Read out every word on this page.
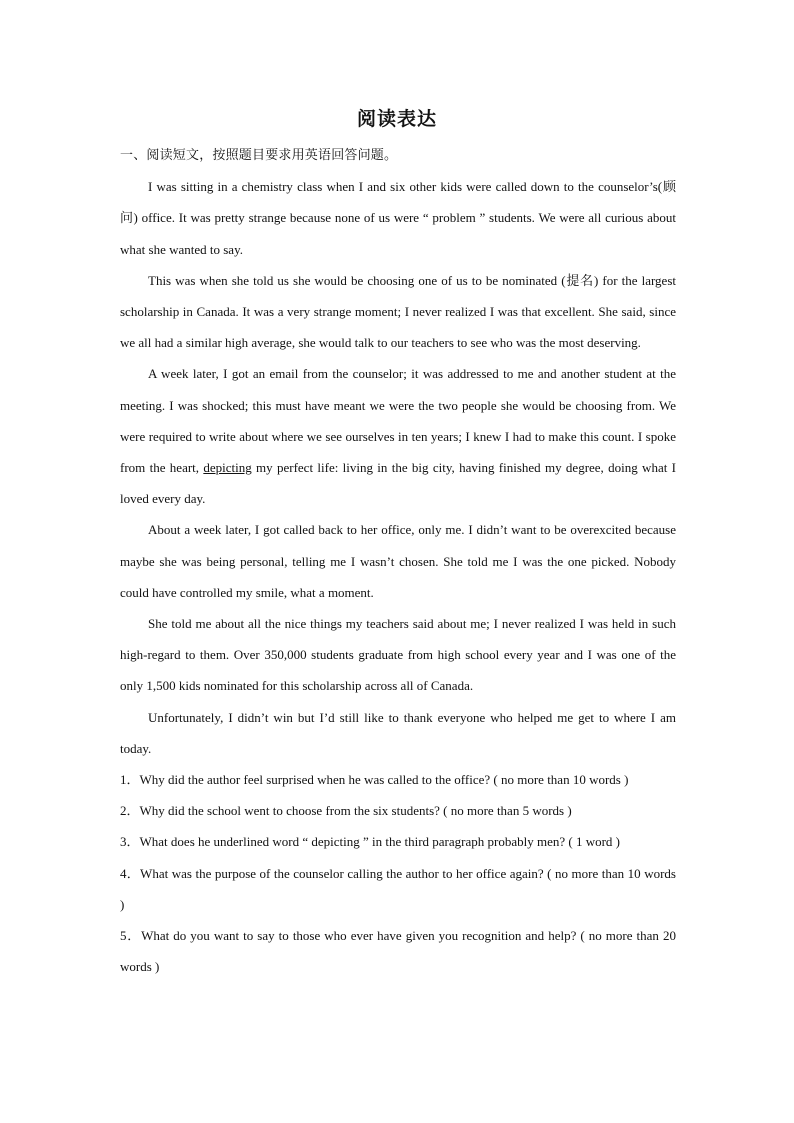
阅读表达

一、阅读短文，按照题目要求用英语回答问题。

I was sitting in a chemistry class when I and six other kids were called down to the counselor’s(顾问) office. It was pretty strange because none of us were “ problem ” students. We were all curious about what she wanted to say.

This was when she told us she would be choosing one of us to be nominated (提名) for the largest scholarship in Canada. It was a very strange moment; I never realized I was that excellent. She said, since we all had a similar high average, she would talk to our teachers to see who was the most deserving.

A week later, I got an email from the counselor; it was addressed to me and another student at the meeting. I was shocked; this must have meant we were the two people she would be choosing from. We were required to write about where we see ourselves in ten years; I knew I had to make this count. I spoke from the heart, depicting my perfect life: living in the big city, having finished my degree, doing what I loved every day.

About a week later, I got called back to her office, only me. I didn’t want to be overexcited because maybe she was being personal, telling me I wasn’t chosen. She told me I was the one picked. Nobody could have controlled my smile, what a moment.

She told me about all the nice things my teachers said about me; I never realized I was held in such high-regard to them. Over 350,000 students graduate from high school every year and I was one of the only 1,500 kids nominated for this scholarship across all of Canada.

Unfortunately, I didn’t win but I’d still like to thank everyone who helped me get to where I am today.

1．Why did the author feel surprised when he was called to the office? ( no more than 10 words )

2．Why did the school went to choose from the six students? ( no more than 5 words )

3．What does he underlined word “ depicting ” in the third paragraph probably men? ( 1 word )

4．What was the purpose of the counselor calling the author to her office again? ( no more than 10 words )

5．What do you want to say to those who ever have given you recognition and help? ( no more than 20 words )
